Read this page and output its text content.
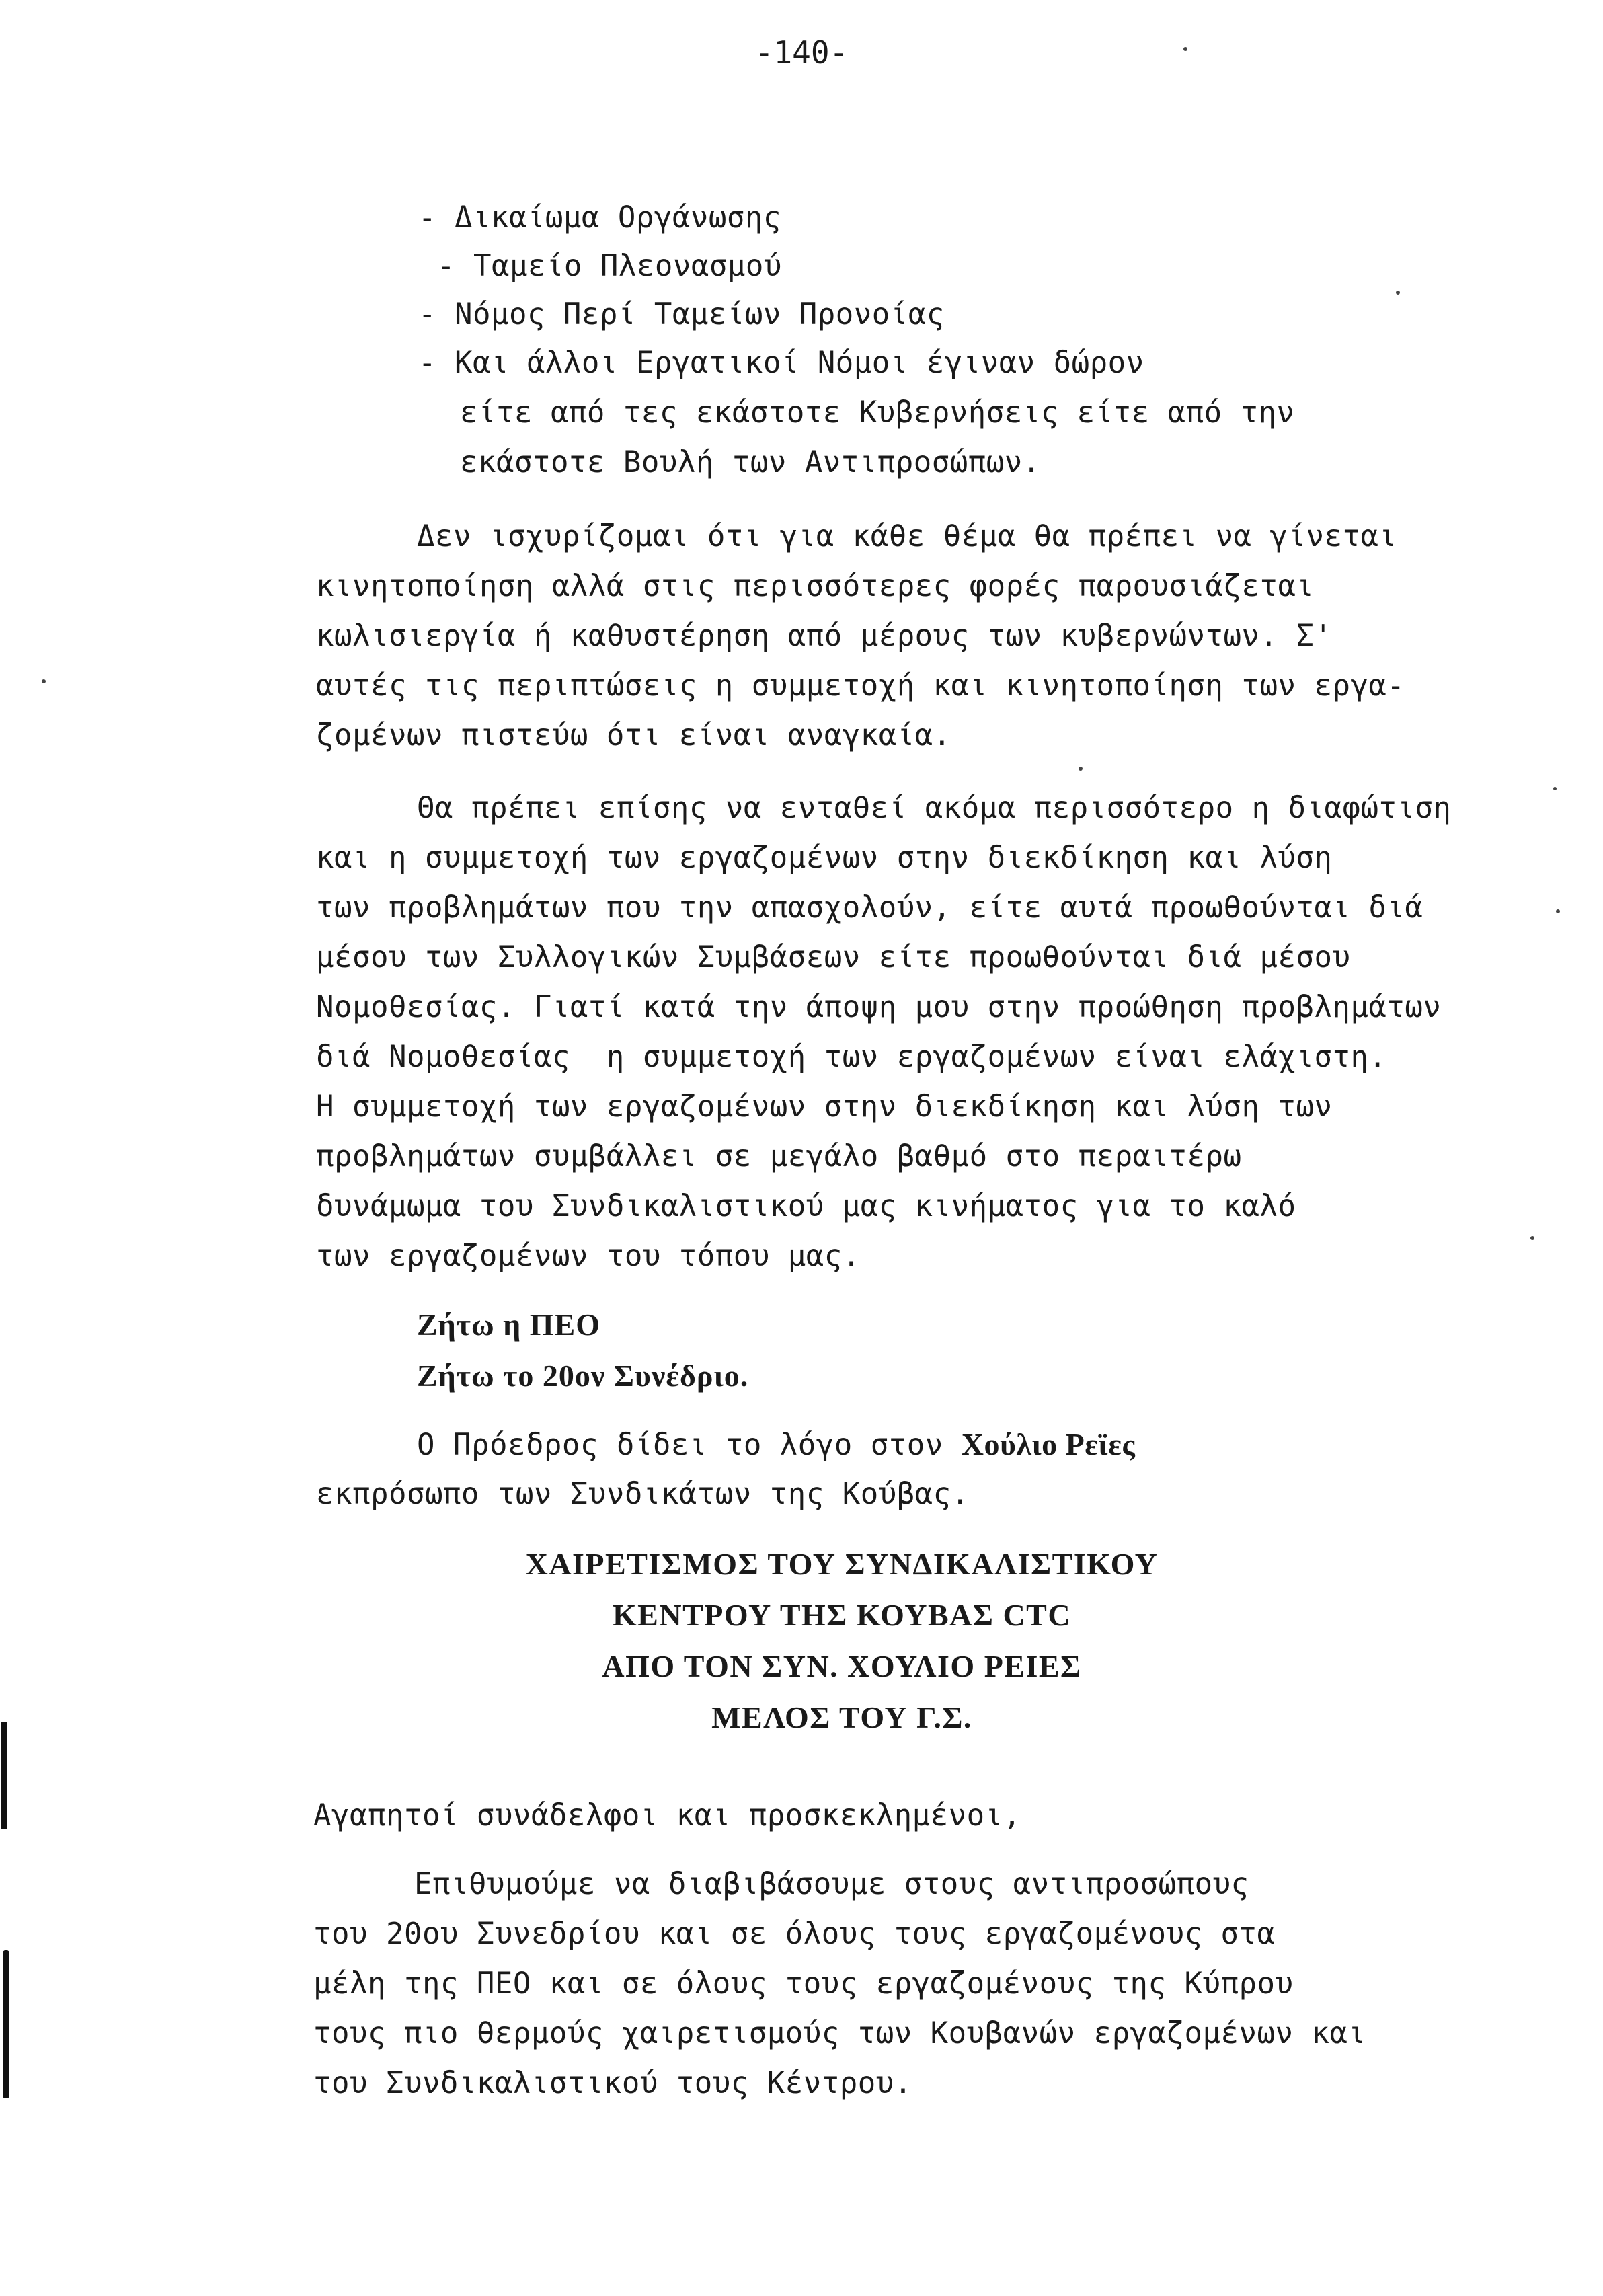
-140-
- Δικαίωμα Οργάνωσης
- Ταμείο Πλεονασμού
- Νόμος Περί Ταμείων Προνοίας
- Και άλλοι Εργατικοί Νόμοι έγιναν δώρον
είτε από τες εκάστοτε Κυβερνήσεις είτε από την
εκάστοτε Βουλή των Αντιπροσώπων.
Δεν ισχυρίζομαι ότι για κάθε θέμα θα πρέπει να γίνεται
κινητοποίηση αλλά στις περισσότερες φορές παρουσιάζεται
κωλισιεργία ή καθυστέρηση από μέρους των κυβερνώντων. Σ'
αυτές τις περιπτώσεις η συμμετοχή και κινητοποίηση των εργα-
ζομένων πιστεύω ότι είναι αναγκαία.
Θα πρέπει επίσης να ενταθεί ακόμα περισσότερο η διαφώτιση
και η συμμετοχή των εργαζομένων στην διεκδίκηση και λύση
των προβλημάτων που την απασχολούν, είτε αυτά προωθούνται διά
μέσου των Συλλογικών Συμβάσεων είτε προωθούνται διά μέσου
Νομοθεσίας. Γιατί κατά την άποψη μου στην προώθηση προβλημάτων
διά Νομοθεσίας  η συμμετοχή των εργαζομένων είναι ελάχιστη.
Η συμμετοχή των εργαζομένων στην διεκδίκηση και λύση των
προβλημάτων συμβάλλει σε μεγάλο βαθμό στο περαιτέρω
δυνάμωμα του Συνδικαλιστικού μας κινήματος για το καλό
των εργαζομένων του τόπου μας.
Ζήτω η ΠΕΟ
Ζήτω το 20ον Συνέδριο.
Ο Πρόεδρος δίδει το λόγο στον Χούλιο Ρεϊες
εκπρόσωπο των Συνδικάτων της Κούβας.
ΧΑΙΡΕΤΙΣΜΟΣ ΤΟΥ ΣΥΝΔΙΚΑΛΙΣΤΙΚΟΥ
ΚΕΝΤΡΟΥ ΤΗΣ ΚΟΥΒΑΣ CTC
ΑΠΟ ΤΟΝ ΣΥΝ. ΧΟΥΛΙΟ ΡΕΙΕΣ
ΜΕΛΟΣ ΤΟΥ Γ.Σ.
Αγαπητοί συνάδελφοι και προσκεκλημένοι,
Επιθυμούμε να διαβιβάσουμε στους αντιπροσώπους
του 20ου Συνεδρίου και σε όλους τους εργαζομένους στα
μέλη της ΠΕΟ και σε όλους τους εργαζομένους της Κύπρου
τους πιο θερμούς χαιρετισμούς των Κουβανών εργαζομένων και
του Συνδικαλιστικού τους Κέντρου.
